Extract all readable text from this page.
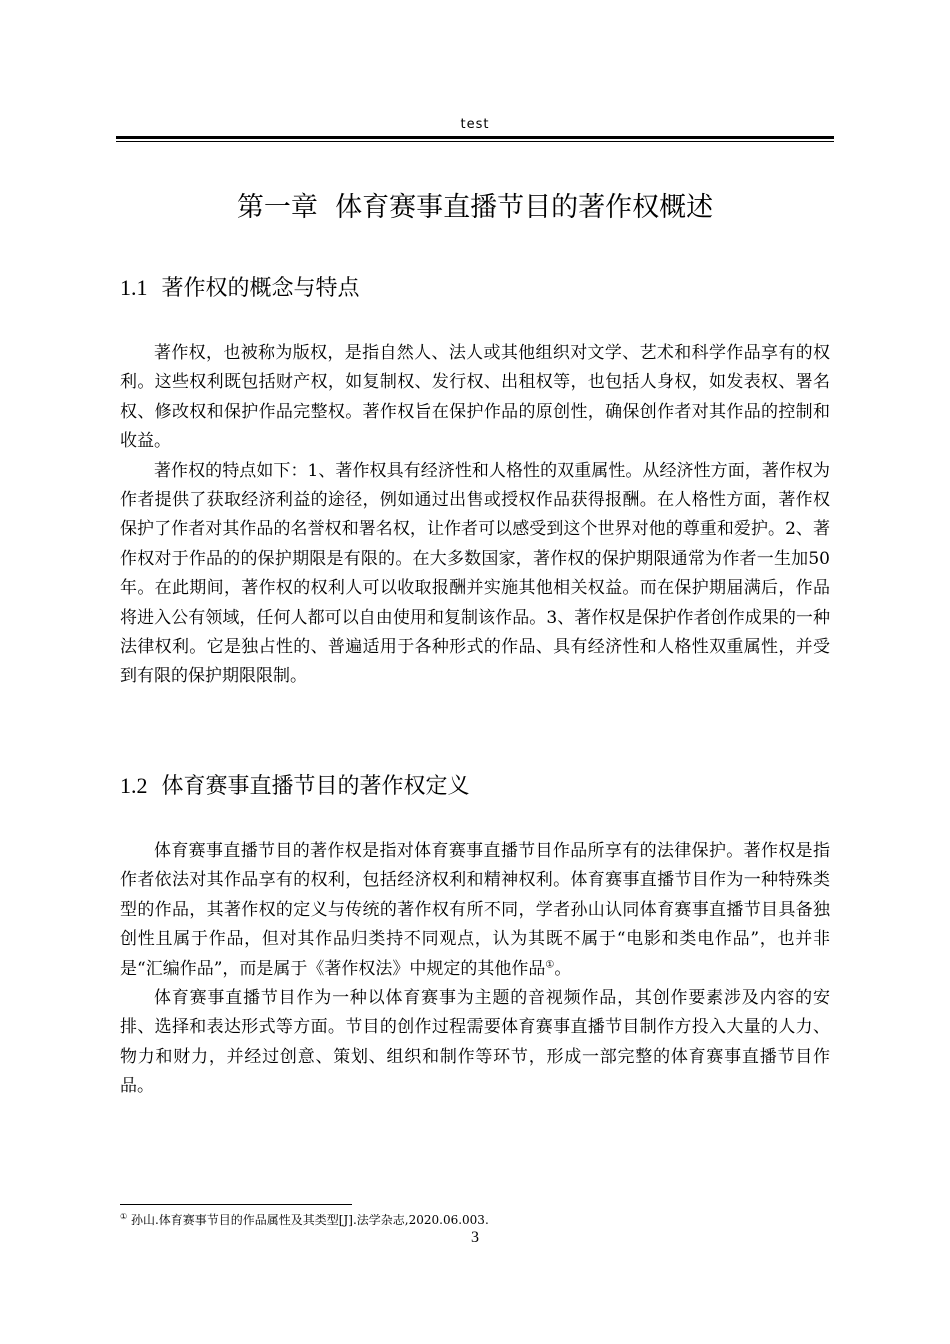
test
第一章  体育赛事直播节目的著作权概述
1.1 著作权的概念与特点

著作权，也被称为版权，是指自然人、法人或其他组织对文学、艺术和科学作品享有的权利。这些权利既包括财产权，如复制权、发行权、出租权等，也包括人身权，如发表权、署名权、修改权和保护作品完整权。著作权旨在保护作品的原创性，确保创作者对其作品的控制和收益。

著作权的特点如下：1、著作权具有经济性和人格性的双重属性。从经济性方面，著作权为作者提供了获取经济利益的途径，例如通过出售或授权作品获得报酬。在人格性方面，著作权保护了作者对其作品的名誉权和署名权，让作者可以感受到这个世界对他的尊重和爱护。2、著作权对于作品的的保护期限是有限的。在大多数国家，著作权的保护期限通常为作者一生加50年。在此期间，著作权的权利人可以收取报酬并实施其他相关权益。而在保护期届满后，作品将进入公有领域，任何人都可以自由使用和复制该作品。3、著作权是保护作者创作成果的一种法律权利。它是独占性的、普遍适用于各种形式的作品、具有经济性和人格性双重属性，并受到有限的保护期限限制。

1.2 体育赛事直播节目的著作权定义

体育赛事直播节目的著作权是指对体育赛事直播节目作品所享有的法律保护。著作权是指作者依法对其作品享有的权利，包括经济权利和精神权利。体育赛事直播节目作为一种特殊类型的作品，其著作权的定义与传统的著作权有所不同，学者孙山认同体育赛事直播节目具备独创性且属于作品，但对其作品归类持不同观点，认为其既不属于“电影和类电作品”，也并非是“汇编作品”，而是属于《著作权法》中规定的其他作品①。

体育赛事直播节目作为一种以体育赛事为主题的音视频作品，其创作要素涉及内容的安排、选择和表达形式等方面。节目的创作过程需要体育赛事直播节目制作方投入大量的人力、物力和财力，并经过创意、策划、组织和制作等环节，形成一部完整的体育赛事直播节目作品。

① 孙山.体育赛事节目的作品属性及其类型[J].法学杂志,2020.06.003.
3
